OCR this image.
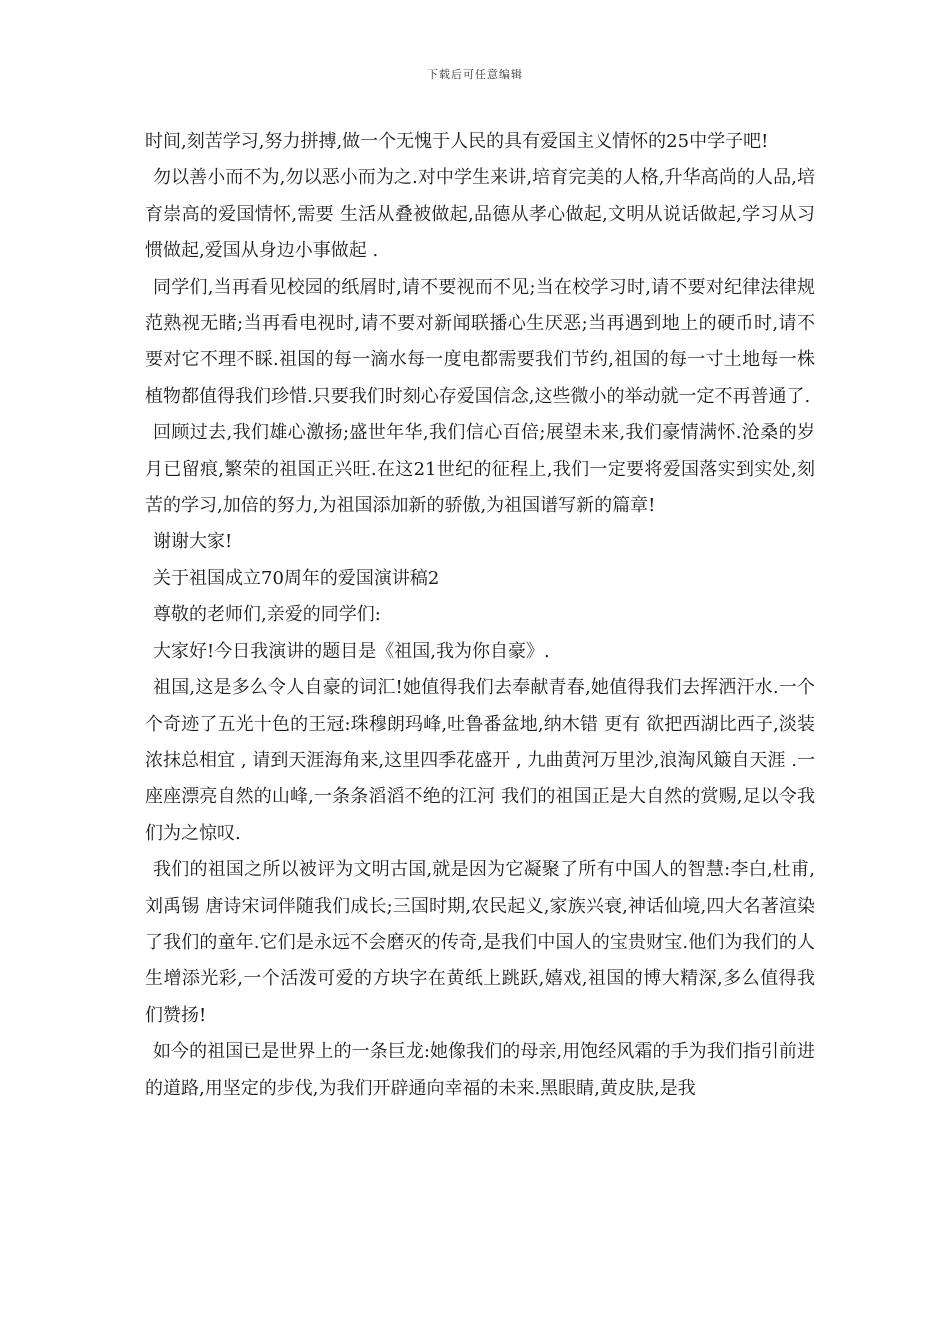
下载后可任意编辑

时间,刻苦学习,努力拼搏,做一个无愧于人民的具有爱国主义情怀的25中学子吧!

勿以善小而不为,勿以恶小而为之.对中学生来讲,培育完美的人格,升华高尚的人品,培育崇高的爱国情怀,需要 生活从叠被做起,品德从孝心做起,文明从说话做起,学习从习惯做起,爱国从身边小事做起 .

同学们,当再看见校园的纸屑时,请不要视而不见;当在校学习时,请不要对纪律法律规范熟视无睹;当再看电视时,请不要对新闻联播心生厌恶;当再遇到地上的硬币时,请不要对它不理不睬.祖国的每一滴水每一度电都需要我们节约,祖国的每一寸土地每一株植物都值得我们珍惜.只要我们时刻心存爱国信念,这些微小的举动就一定不再普通了.

回顾过去,我们雄心激扬;盛世年华,我们信心百倍;展望未来,我们豪情满怀.沧桑的岁月已留痕,繁荣的祖国正兴旺.在这21世纪的征程上,我们一定要将爱国落实到实处,刻苦的学习,加倍的努力,为祖国添加新的骄傲,为祖国谱写新的篇章!

谢谢大家!

关于祖国成立70周年的爱国演讲稿2

尊敬的老师们,亲爱的同学们:

大家好!今日我演讲的题目是《祖国,我为你自豪》.

祖国,这是多么令人自豪的词汇!她值得我们去奉献青春,她值得我们去挥洒汗水.一个个奇迹了五光十色的王冠:珠穆朗玛峰,吐鲁番盆地,纳木错 更有 欲把西湖比西子,淡装浓抹总相宜 , 请到天涯海角来,这里四季花盛开 , 九曲黄河万里沙,浪淘风簸自天涯 .一座座漂亮自然的山峰,一条条滔滔不绝的江河 我们的祖国正是大自然的赏赐,足以令我们为之惊叹.

我们的祖国之所以被评为文明古国,就是因为它凝聚了所有中国人的智慧:李白,杜甫,刘禹锡 唐诗宋词伴随我们成长;三国时期,农民起义,家族兴衰,神话仙境,四大名著渲染了我们的童年.它们是永远不会磨灭的传奇,是我们中国人的宝贵财宝.他们为我们的人生增添光彩,一个活泼可爱的方块字在黄纸上跳跃,嬉戏,祖国的博大精深,多么值得我们赞扬!

如今的祖国已是世界上的一条巨龙:她像我们的母亲,用饱经风霜的手为我们指引前进的道路,用坚定的步伐,为我们开辟通向幸福的未来.黑眼睛,黄皮肤,是我
